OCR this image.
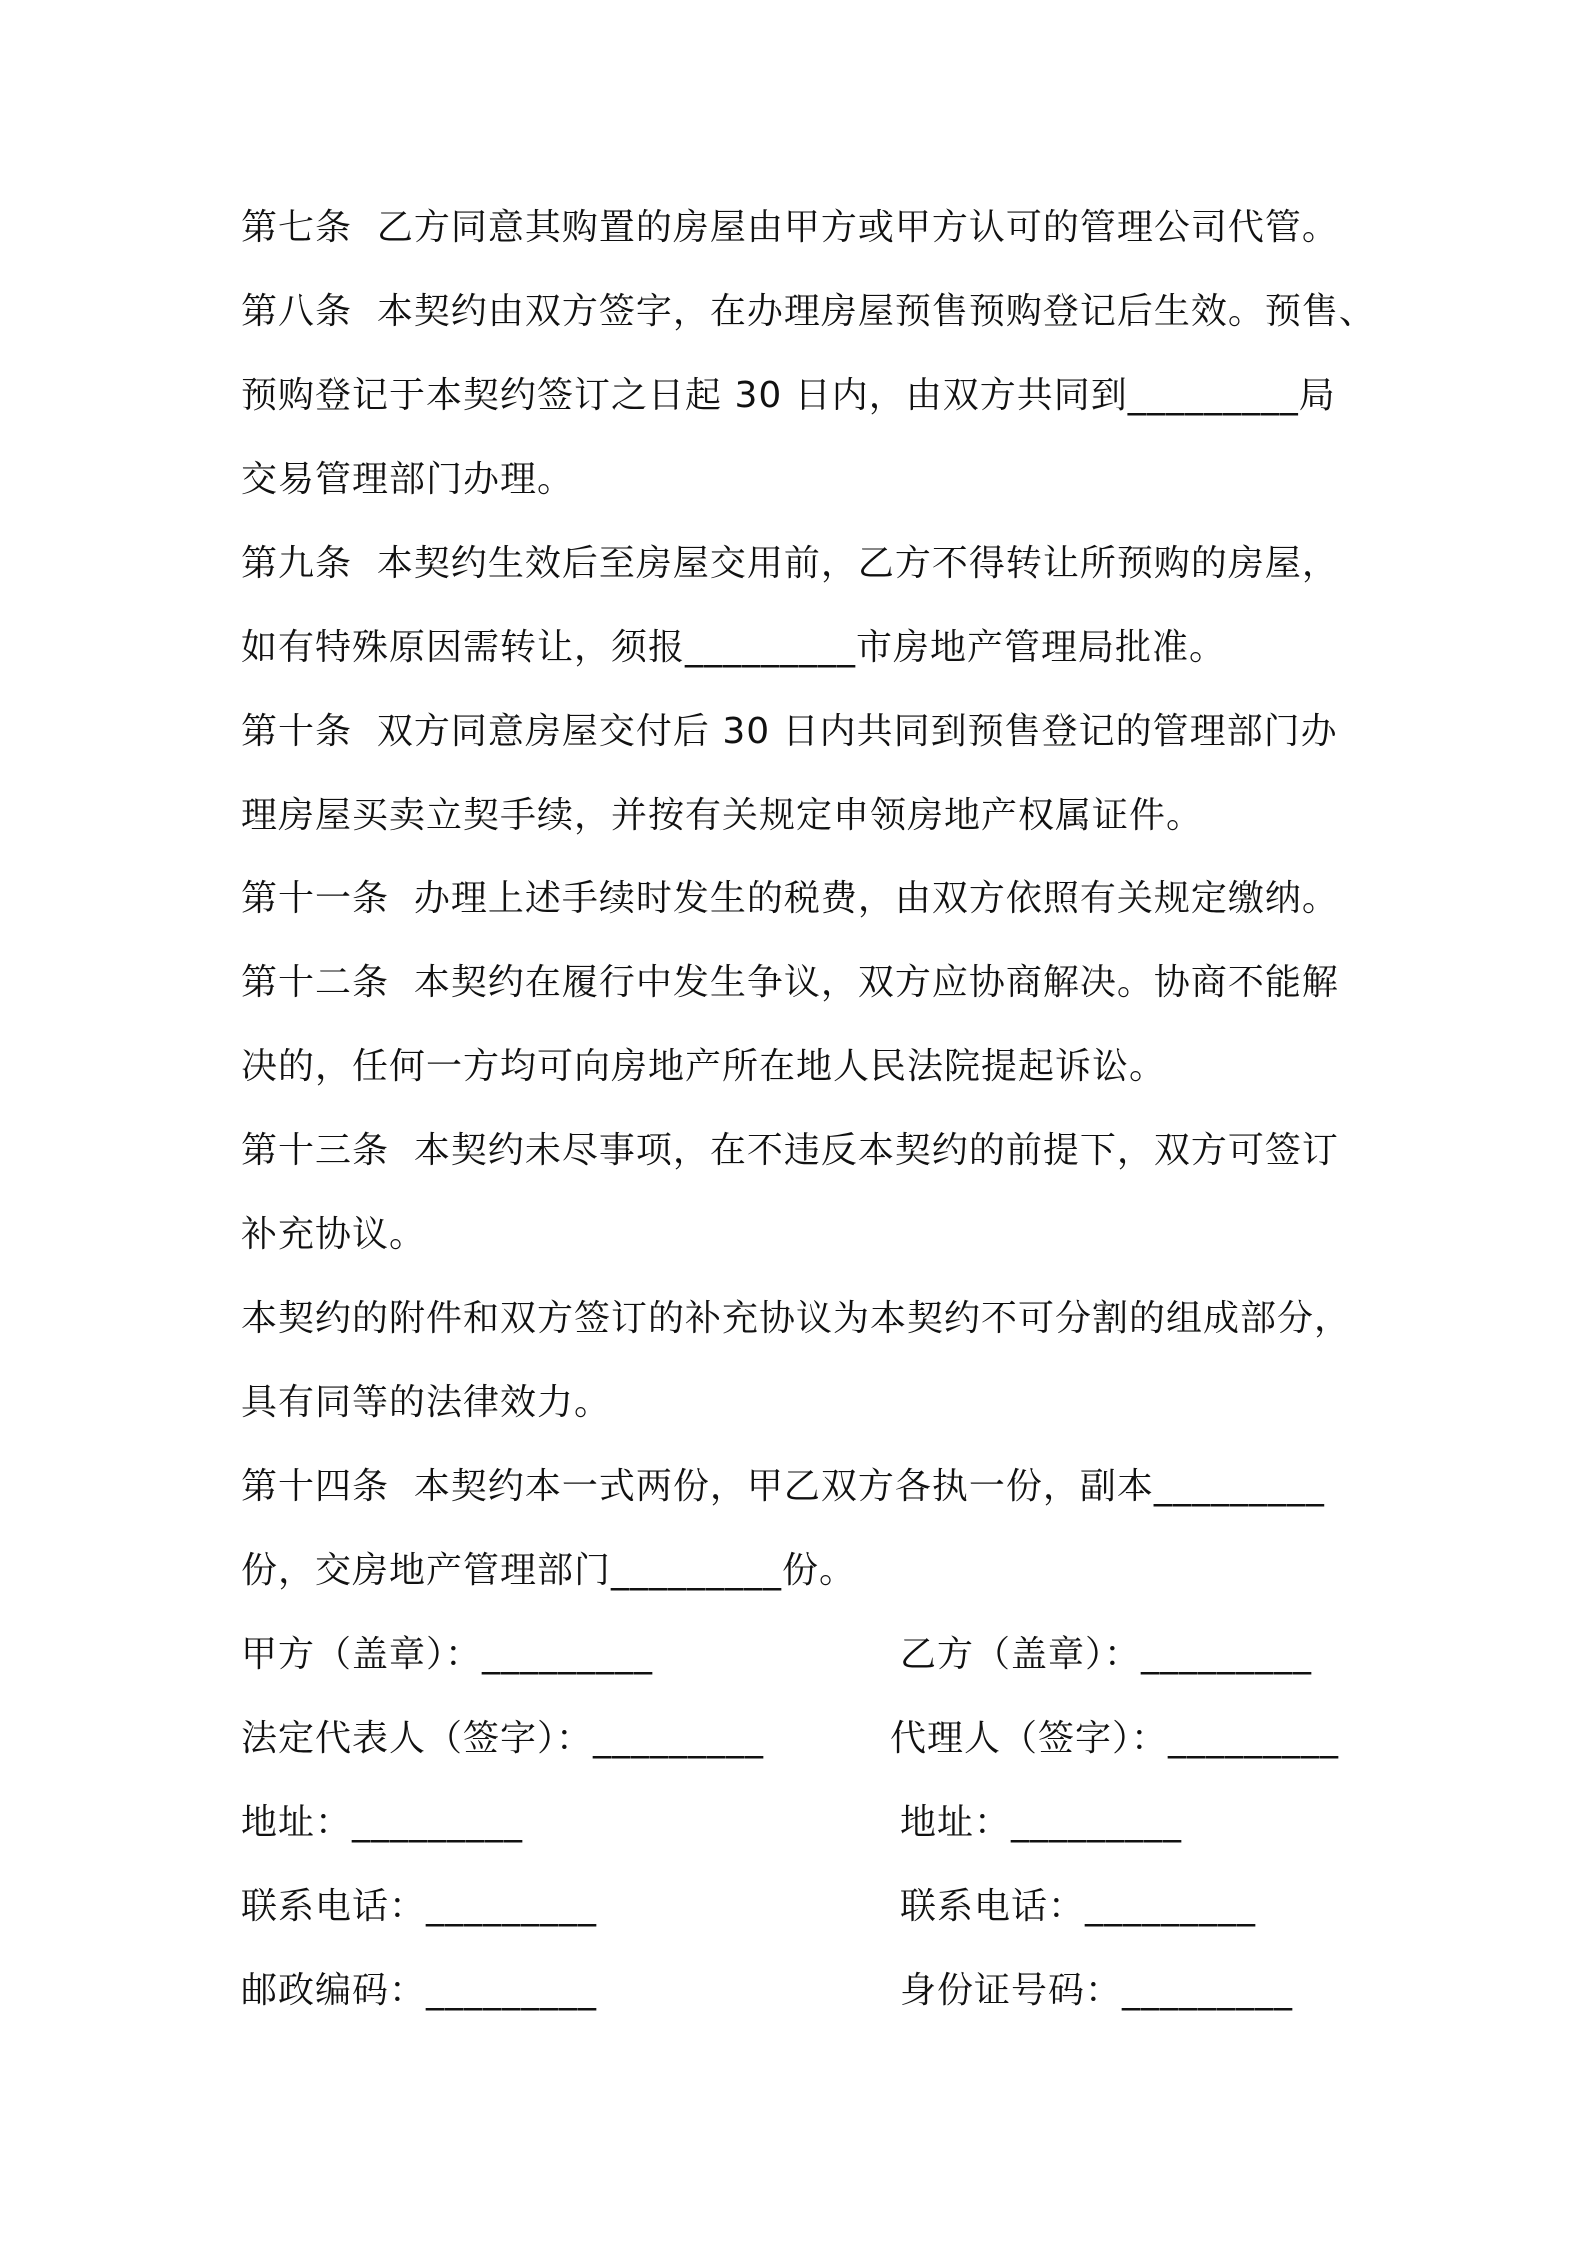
第七条  乙方同意其购置的房屋由甲方或甲方认可的管理公司代管。
第八条  本契约由双方签字，在办理房屋预售预购登记后生效。预售、
预购登记于本契约签订之日起 30 日内，由双方共同到_________局
交易管理部门办理。
第九条  本契约生效后至房屋交用前，乙方不得转让所预购的房屋，
如有特殊原因需转让，须报_________市房地产管理局批准。
第十条  双方同意房屋交付后 30 日内共同到预售登记的管理部门办
理房屋买卖立契手续，并按有关规定申领房地产权属证件。
第十一条  办理上述手续时发生的税费，由双方依照有关规定缴纳。
第十二条  本契约在履行中发生争议，双方应协商解决。协商不能解
决的，任何一方均可向房地产所在地人民法院提起诉讼。
第十三条  本契约未尽事项，在不违反本契约的前提下，双方可签订
补充协议。
本契约的附件和双方签订的补充协议为本契约不可分割的组成部分，
具有同等的法律效力。
第十四条  本契约本一式两份，甲乙双方各执一份，副本_________
份，交房地产管理部门_________份。
甲方（盖章）：_________
法定代表人（签字）：_________
地址：_________
联系电话：_________
邮政编码：_________
乙方（盖章）：_________
代理人（签字）：_________
地址：_________
联系电话：_________
身份证号码：_________
